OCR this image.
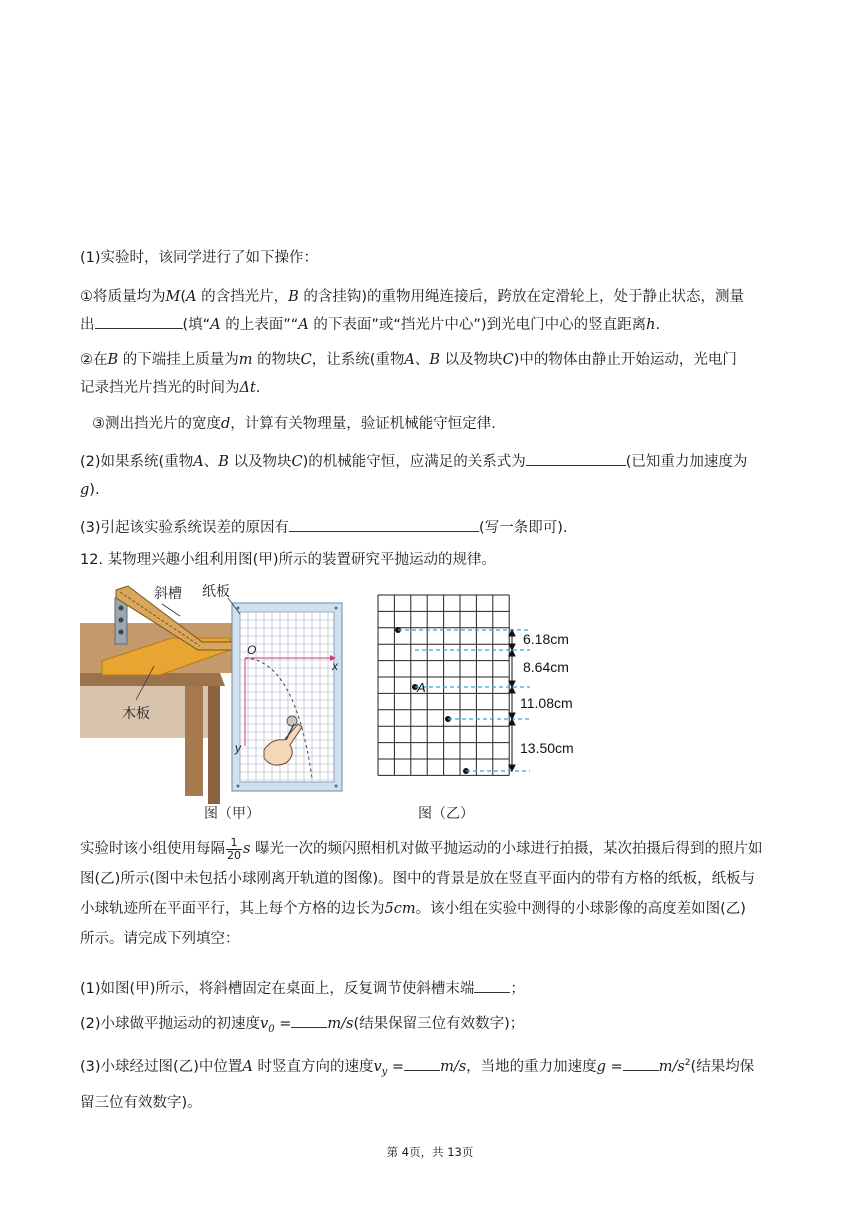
(1)实验时，该同学进行了如下操作：

①将质量均为M(A 的含挡光片，B 的含挂钩)的重物用绳连接后，跨放在定滑轮上，处于静止状态，测量
出	(填“A 的上表面”“A 的下表面”或“挡光片中心”)到光电门中心的竖直距离h.

②在B 的下端挂上质量为m 的物块C，让系统(重物A、B 以及物块C)中的物体由静止开始运动，光电门
记录挡光片挡光的时间为Δt.

③测出挡光片的宽度d，计算有关物理量，验证机械能守恒定律.

(2)如果系统(重物A、B 以及物块C)的机械能守恒，应满足的关系式为	(已知重力加速度为
g).

(3)引起该实验系统误差的原因有	(写一条即可).

12. 某物理兴趣小组利用图(甲)所示的装置研究平抛运动的规律。

斜槽 纸板
木板
O
x
y
图（甲）
A
6.18cm
8.64cm
11.08cm
13.50cm
图（乙）

实验时该小组使用每隔 $\frac{1}{20}$ s 曝光一次的频闪照相机对做平抛运动的小球进行拍摄，某次拍摄后得到的照片如
图(乙)所示(图中未包括小球刚离开轨道的图像)。图中的背景是放在竖直平面内的带有方格的纸板，纸板与
小球轨迹所在平面平行，其上每个方格的边长为5cm。该小组在实验中测得的小球影像的高度差如图(乙)
所示。请完成下列填空：

(1)如图(甲)所示，将斜槽固定在桌面上，反复调节使斜槽末端 ；

(2)小球做平抛运动的初速度$v_0 = m/s$(结果保留三位有效数字)；

(3)小球经过图(乙)中位置A 时竖直方向的速度$v_y = m/s$，当地的重力加速度$g = m/s^2$(结果均保
留三位有效数字)。

第 4页，共 13页
